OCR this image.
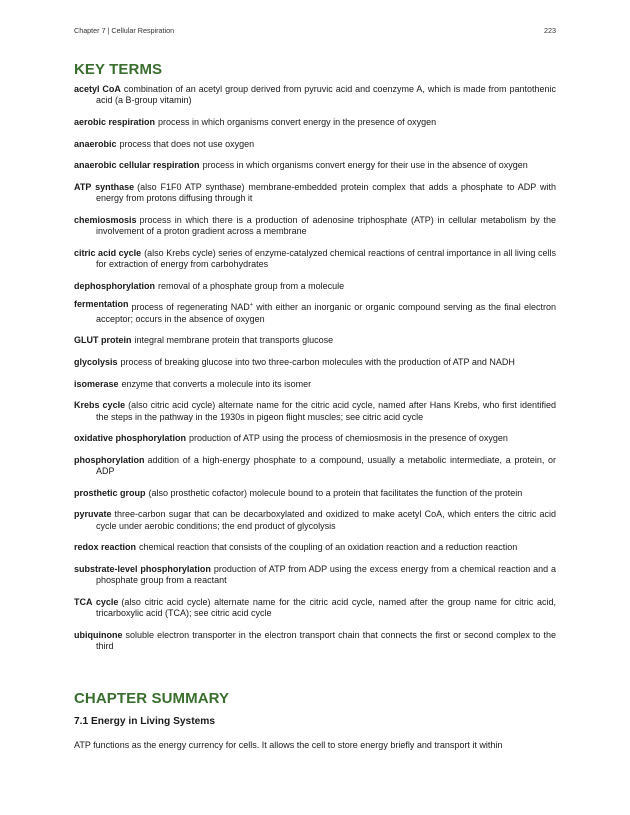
Chapter 7 | Cellular Respiration	223
KEY TERMS

acetyl CoA combination of an acetyl group derived from pyruvic acid and coenzyme A, which is made from pantothenic acid (a B-group vitamin)

aerobic respiration process in which organisms convert energy in the presence of oxygen

anaerobic process that does not use oxygen

anaerobic cellular respiration process in which organisms convert energy for their use in the absence of oxygen

ATP synthase (also F1F0 ATP synthase) membrane-embedded protein complex that adds a phosphate to ADP with energy from protons diffusing through it

chemiosmosis process in which there is a production of adenosine triphosphate (ATP) in cellular metabolism by the involvement of a proton gradient across a membrane

citric acid cycle (also Krebs cycle) series of enzyme-catalyzed chemical reactions of central importance in all living cells for extraction of energy from carbohydrates

dephosphorylation removal of a phosphate group from a molecule

fermentation process of regenerating NAD+ with either an inorganic or organic compound serving as the final electron acceptor; occurs in the absence of oxygen

GLUT protein integral membrane protein that transports glucose

glycolysis process of breaking glucose into two three-carbon molecules with the production of ATP and NADH

isomerase enzyme that converts a molecule into its isomer

Krebs cycle (also citric acid cycle) alternate name for the citric acid cycle, named after Hans Krebs, who first identified the steps in the pathway in the 1930s in pigeon flight muscles; see citric acid cycle

oxidative phosphorylation production of ATP using the process of chemiosmosis in the presence of oxygen

phosphorylation addition of a high-energy phosphate to a compound, usually a metabolic intermediate, a protein, or ADP

prosthetic group (also prosthetic cofactor) molecule bound to a protein that facilitates the function of the protein

pyruvate three-carbon sugar that can be decarboxylated and oxidized to make acetyl CoA, which enters the citric acid cycle under aerobic conditions; the end product of glycolysis

redox reaction chemical reaction that consists of the coupling of an oxidation reaction and a reduction reaction

substrate-level phosphorylation production of ATP from ADP using the excess energy from a chemical reaction and a phosphate group from a reactant

TCA cycle (also citric acid cycle) alternate name for the citric acid cycle, named after the group name for citric acid, tricarboxylic acid (TCA); see citric acid cycle

ubiquinone soluble electron transporter in the electron transport chain that connects the first or second complex to the third

CHAPTER SUMMARY
7.1 Energy in Living Systems

ATP functions as the energy currency for cells. It allows the cell to store energy briefly and transport it within
